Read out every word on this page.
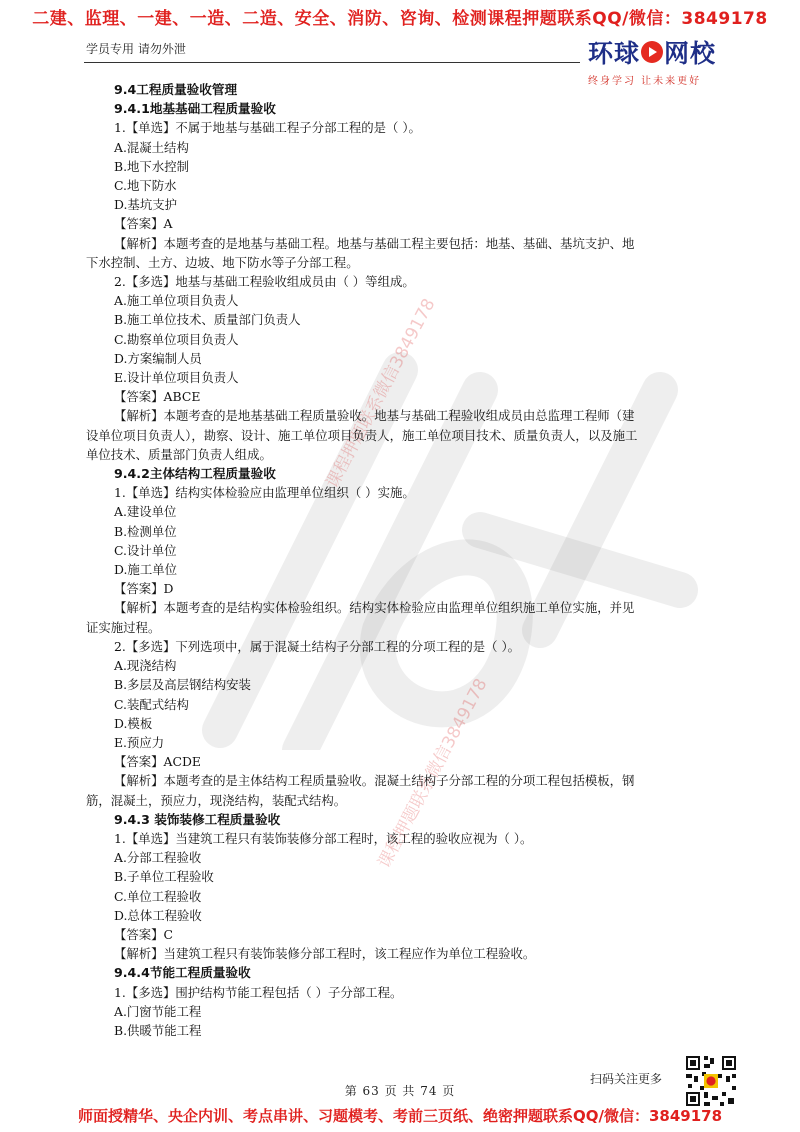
二建、监理、一建、一造、二造、安全、消防、咨询、检测课程押题联系QQ/微信：3849178
学员专用 请勿外泄	环球 网校
终身学习 让未来更好
课程押题联系微信3849178
课程押题联系微信3849178
9.4工程质量验收管理
9.4.1地基基础工程质量验收
1.【单选】不属于地基与基础工程子分部工程的是（ ）。
A.混凝土结构
B.地下水控制
C.地下防水
D.基坑支护
【答案】A
【解析】本题考查的是地基与基础工程。地基与基础工程主要包括：地基、基础、基坑支护、地
下水控制、土方、边坡、地下防水等子分部工程。
2.【多选】地基与基础工程验收组成员由（ ）等组成。
A.施工单位项目负责人
B.施工单位技术、质量部门负责人
C.勘察单位项目负责人
D.方案编制人员
E.设计单位项目负责人
【答案】ABCE
【解析】本题考查的是地基基础工程质量验收。地基与基础工程验收组成员由总监理工程师（建
设单位项目负责人），勘察、设计、施工单位项目负责人，施工单位项目技术、质量负责人，以及施工
单位技术、质量部门负责人组成。
9.4.2主体结构工程质量验收
1.【单选】结构实体检验应由监理单位组织（ ）实施。
A.建设单位
B.检测单位
C.设计单位
D.施工单位
【答案】D
【解析】本题考查的是结构实体检验组织。结构实体检验应由监理单位组织施工单位实施，并见
证实施过程。
2.【多选】下列选项中，属于混凝土结构子分部工程的分项工程的是（ ）。
A.现浇结构
B.多层及高层钢结构安装
C.装配式结构
D.模板
E.预应力
【答案】ACDE
【解析】本题考查的是主体结构工程质量验收。混凝土结构子分部工程的分项工程包括模板，钢
筋，混凝土，预应力，现浇结构，装配式结构。
9.4.3 装饰装修工程质量验收
1.【单选】当建筑工程只有装饰装修分部工程时，该工程的验收应视为（ ）。
A.分部工程验收
B.子单位工程验收
C.单位工程验收
D.总体工程验收
【答案】C
【解析】当建筑工程只有装饰装修分部工程时，该工程应作为单位工程验收。
9.4.4节能工程质量验收
1.【多选】围护结构节能工程包括（ ）子分部工程。
A.门窗节能工程
B.供暖节能工程
扫码关注更多
第 63 页 共 74 页
师面授精华、央企内训、考点串讲、习题模考、考前三页纸、绝密押题联系QQ/微信：3849178
